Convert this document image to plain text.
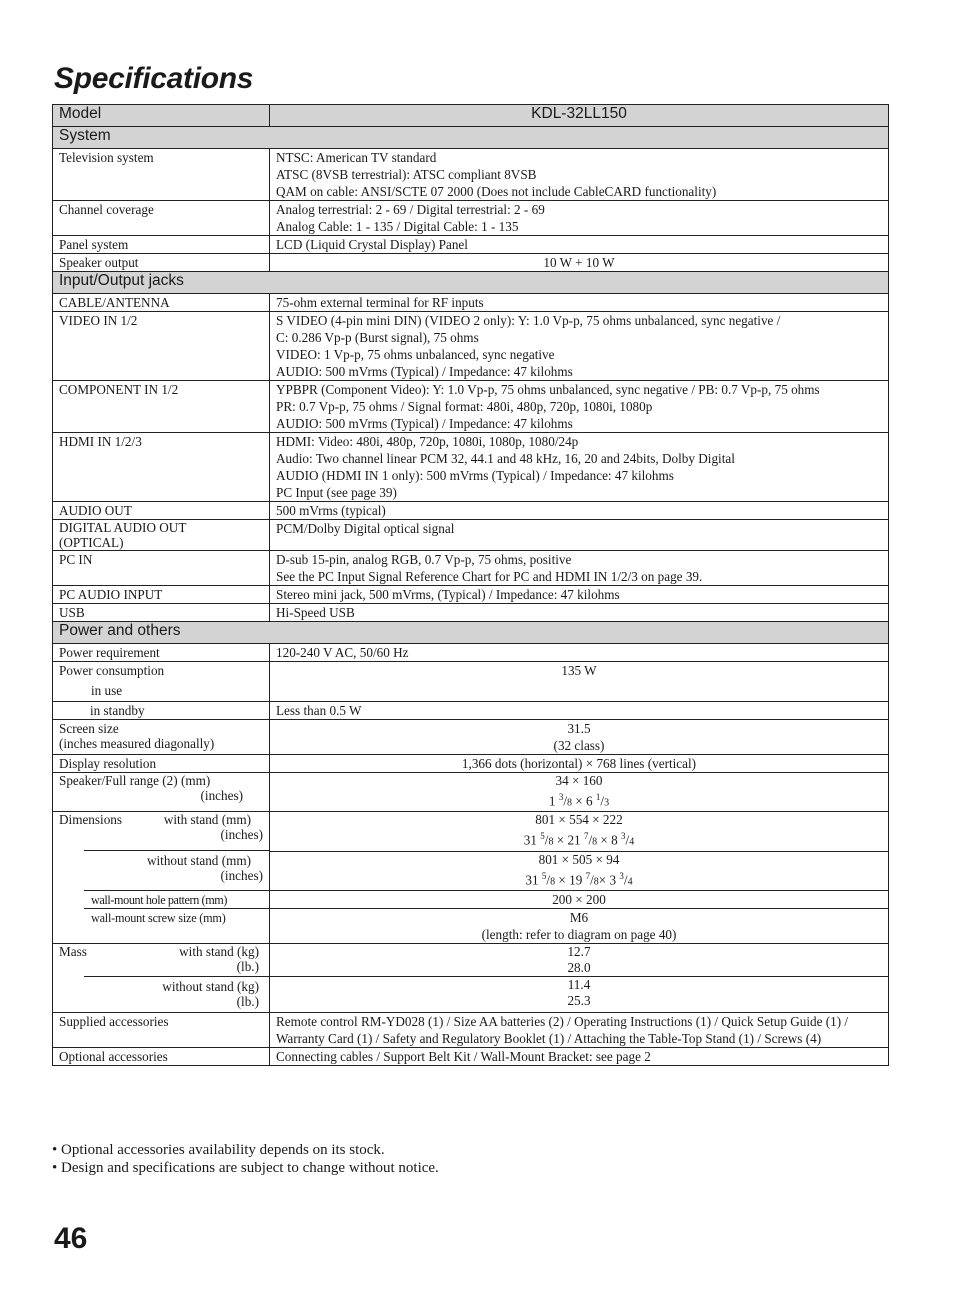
Specifications
Model	KDL-32LL150
System	
Television system	NTSC: American TV standard
ATSC (8VSB terrestrial): ATSC compliant 8VSB
QAM on cable: ANSI/SCTE 07 2000 (Does not include CableCARD functionality)
Channel coverage	Analog terrestrial: 2 - 69 / Digital terrestrial: 2 - 69
Analog Cable: 1 - 135 / Digital Cable: 1 - 135
Panel system	LCD (Liquid Crystal Display) Panel
Speaker output	10 W + 10 W
Input/Output jacks	
CABLE/ANTENNA	75-ohm external terminal for RF inputs
VIDEO IN 1/2	S VIDEO (4-pin mini DIN) (VIDEO 2 only): Y: 1.0 Vp-p, 75 ohms unbalanced, sync negative /
C: 0.286 Vp-p (Burst signal), 75 ohms
VIDEO: 1 Vp-p, 75 ohms unbalanced, sync negative
AUDIO: 500 mVrms (Typical) / Impedance: 47 kilohms
COMPONENT IN 1/2	YPBPR (Component Video): Y: 1.0 Vp-p, 75 ohms unbalanced, sync negative / PB: 0.7 Vp-p, 75 ohms
PR: 0.7 Vp-p, 75 ohms / Signal format: 480i, 480p, 720p, 1080i, 1080p
AUDIO: 500 mVrms (Typical) / Impedance: 47 kilohms
HDMI IN 1/2/3	HDMI: Video: 480i, 480p, 720p, 1080i, 1080p, 1080/24p
Audio: Two channel linear PCM 32, 44.1 and 48 kHz, 16, 20 and 24bits, Dolby Digital
AUDIO (HDMI IN 1 only): 500 mVrms (Typical) / Impedance: 47 kilohms
PC Input (see page 39)
AUDIO OUT	500 mVrms (typical)
DIGITAL AUDIO OUT
(OPTICAL)	PCM/Dolby Digital optical signal
PC IN	D-sub 15-pin, analog RGB, 0.7 Vp-p, 75 ohms, positive
See the PC Input Signal Reference Chart for PC and HDMI IN 1/2/3 on page 39.
PC AUDIO INPUT	Stereo mini jack, 500 mVrms, (Typical) / Impedance: 47 kilohms
USB	Hi-Speed USB
Power and others	
Power requirement	120-240 V AC, 50/60 Hz

Power consumption
in use	135 W
in standby	Less than 0.5 W
Screen size
(inches measured diagonally)	31.5
(32 class)
Display resolution	1,366 dots (horizontal) × 768 lines (vertical)

Speaker/Full range (2) (mm)
(inches)	34 × 160
1 $^3$/8 × 6 $^1$/3

Dimensions with stand (mm)
(inches)	801 × 554 × 222
31 $^5$/8 × 21 $^7$/8 × 8 $^3$/4

without stand (mm)
(inches)	801 × 505 × 94
31 $^5$/8 × 19 $^7$/8× 3 $^3$/4

wall-mount hole pattern (mm)	200 × 200

wall-mount screw size (mm)	M6
(length: refer to diagram on page 40)

Mass with stand (kg)
(lb.)	12.7
28.0

without stand (kg)
(lb.)	11.4
25.3

Supplied accessories	Remote control RM-YD028 (1) / Size AA batteries (2) / Operating Instructions (1) / Quick Setup Guide (1) / Warranty Card (1) / Safety and Regulatory Booklet (1) / Attaching the Table-Top Stand (1) / Screws (4)
Optional accessories	Connecting cables / Support Belt Kit / Wall-Mount Bracket: see page 2
• Optional accessories availability depends on its stock.
• Design and specifications are subject to change without notice.
46
